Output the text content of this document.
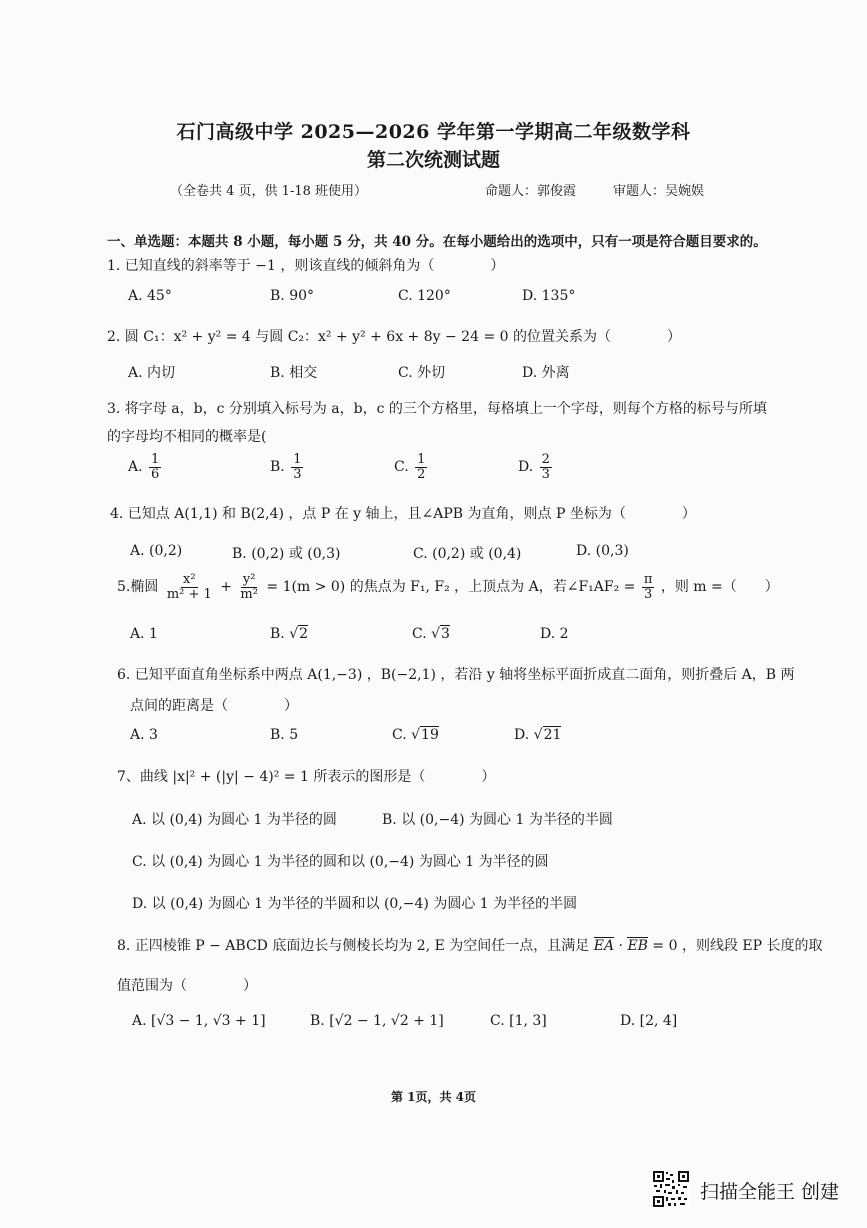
石门高级中学 2025—2026 学年第一学期高二年级数学科
第二次统测试题
（全卷共 4 页，供 1-18 班使用）	命题人：郭俊霞	审题人：吴婉娱
一、单选题：本题共 8 小题，每小题 5 分，共 40 分。在每小题给出的选项中，只有一项是符合题目要求的。
1. 已知直线的斜率等于 −1 ，则该直线的倾斜角为（　　　　）
A. 45°	B. 90°	C. 120°	D. 135°
2. 圆 C₁：x² + y² = 4 与圆 C₂：x² + y² + 6x + 8y − 24 = 0 的位置关系为（　　　　）
A. 内切	B. 相交	C. 外切	D. 外离
3. 将字母 a，b，c 分别填入标号为 a，b，c 的三个方格里，每格填上一个字母，则每个方格的标号与所填
的字母均不相同的概率是(
A. $\frac{1}{6}$	B. $\frac{1}{3}$	C. $\frac{1}{2}$	D. $\frac{2}{3}$
4. 已知点 A(1,1) 和 B(2,4) ，点 P 在 y 轴上，且∠APB 为直角，则点 P 坐标为（　　　　）
A. (0,2)	B. (0,2) 或 (0,3)	C. (0,2) 或 (0,4)	D. (0,3)
5.椭圆 $\frac{\text{x²}}{\text{m² + 1}} + \frac{\text{y²}}{\text{m²}} = 1(m > 0)$ 的焦点为 F₁, F₂ ，上顶点为 A，若∠F₁AF₂ = $\frac{\pi}{3}$ ，则 m =（　　）
A. 1	B. √2	C. √3	D. 2
6. 已知平面直角坐标系中两点 A(1,−3) ，B(−2,1) ，若沿 y 轴将坐标平面折成直二面角，则折叠后 A，B 两
点间的距离是（　　　　）
A. 3	B. 5	C. √19	D. √21
7、曲线 |x|² + (|y| − 4)² = 1 所表示的图形是（　　　　）
A. 以 (0,4) 为圆心 1 为半径的圆	B. 以 (0,−4) 为圆心 1 为半径的半圆
C. 以 (0,4) 为圆心 1 为半径的圆和以 (0,−4) 为圆心 1 为半径的圆
D. 以 (0,4) 为圆心 1 为半径的半圆和以 (0,−4) 为圆心 1 为半径的半圆
8. 正四棱锥 P − ABCD 底面边长与侧棱长均为 2, E 为空间任一点，且满足 EA · EB = 0 ，则线段 EP 长度的取
值范围为（　　　　）
A. [√3 − 1, √3 + 1]	B. [√2 − 1, √2 + 1]	C. [1, 3]	D. [2, 4]
第 1页，共 4页
扫描全能王 创建
